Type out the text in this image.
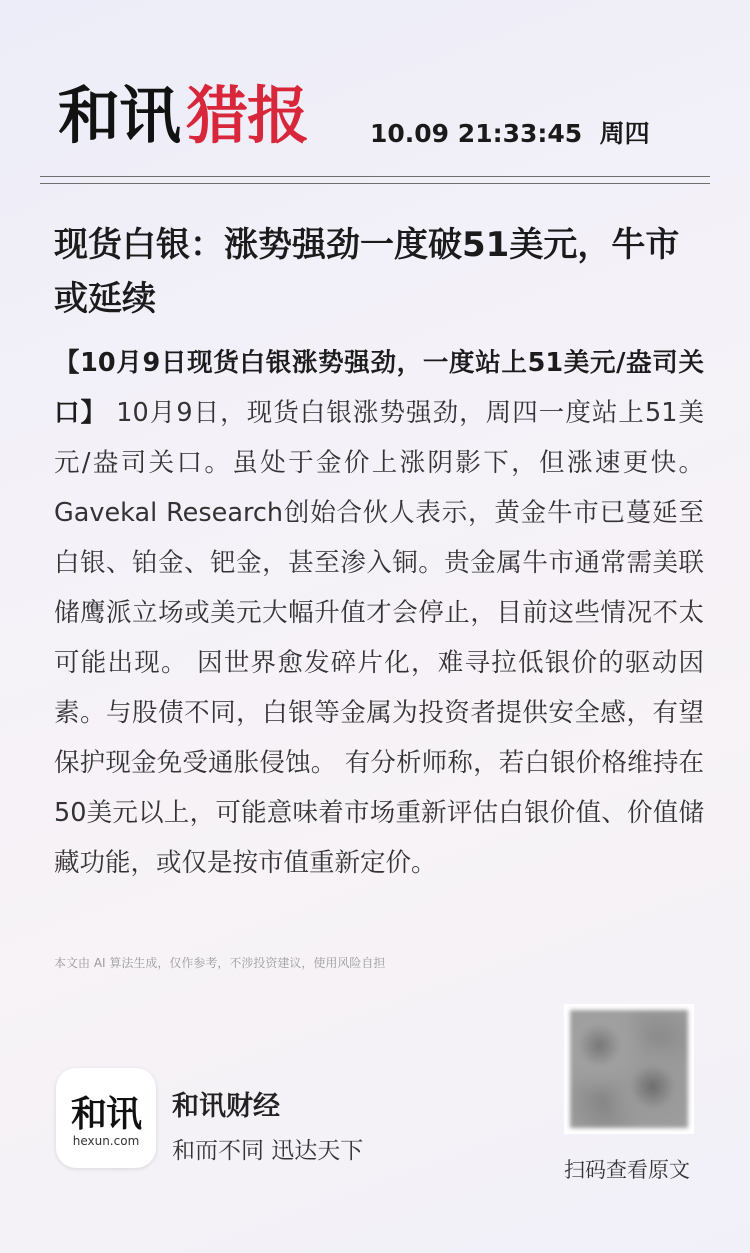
和讯猎报 10.09 21:33:45 周四
现货白银：涨势强劲一度破51美元，牛市或延续

【10月9日现货白银涨势强劲，一度站上51美元/盎司关口】 10月9日，现货白银涨势强劲，周四一度站上51美元/盎司关口。虽处于金价上涨阴影下，但涨速更快。 Gavekal Research创始合伙人表示，黄金牛市已蔓延至白银、铂金、钯金，甚至渗入铜。贵金属牛市通常需美联储鹰派立场或美元大幅升值才会停止，目前这些情况不太可能出现。 因世界愈发碎片化，难寻拉低银价的驱动因素。与股债不同，白银等金属为投资者提供安全感，有望保护现金免受通胀侵蚀。 有分析师称，若白银价格维持在50美元以上，可能意味着市场重新评估白银价值、价值储藏功能，或仅是按市值重新定价。

本文由 AI 算法生成，仅作参考，不涉投资建议，使用风险自担
和讯
hexun.com
和讯财经
和而不同 迅达天下
扫码查看原文
